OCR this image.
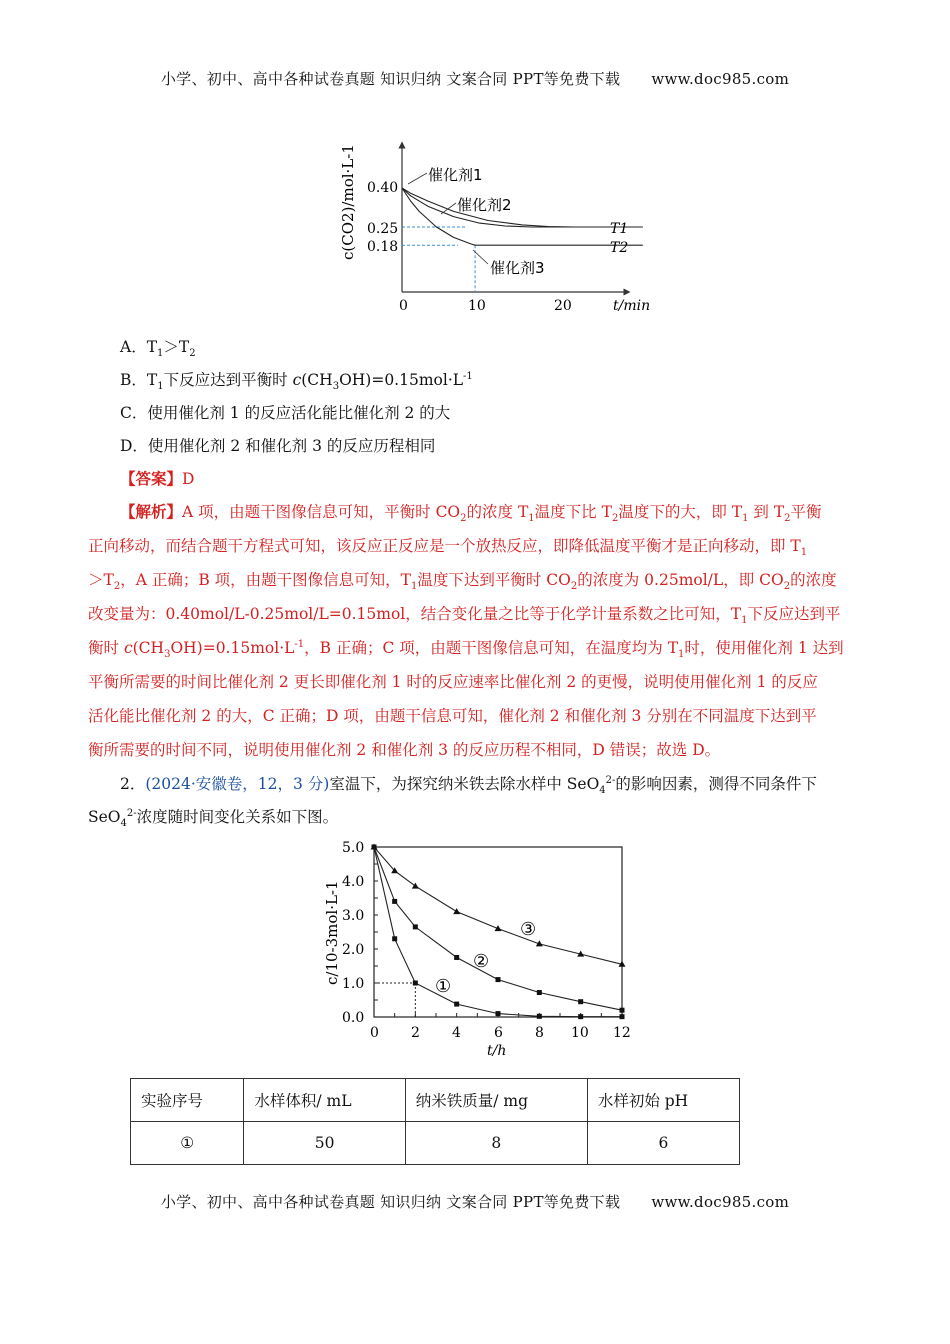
小学、初中、高中各种试卷真题 知识归纳 文案合同 PPT等免费下载 www.doc985.com
c(CO2)/mol·L-1 0.40
0.25
0.18
0	10	20	t/min
催化剂1
催化剂2
催化剂3
T1
T2
A．$T_1>T_2$
B．$T_1$下反应达到平衡时 $c(CH_3OH)=0.15mol\cdot L^{-1}$
C．使用催化剂 1 的反应活化能比催化剂 2 的大
D．使用催化剂 2 和催化剂 3 的反应历程相同
【答案】D
【解析】A 项，由题干图像信息可知，平衡时 $CO_2$的浓度 $T_1$温度下比 $T_2$温度下的大，即 $T_1$ 到 $T_2$平衡
正向移动，而结合题干方程式可知，该反应正反应是一个放热反应，即降低温度平衡才是正向移动，即 $T_1$
$>T_2$，A 正确；B 项，由题干图像信息可知，$T_1$温度下达到平衡时 $CO_2$的浓度为 0.25mol/L，即 $CO_2$的浓度
改变量为：0.40mol/L-0.25mol/L=0.15mol，结合变化量之比等于化学计量系数之比可知，$T_1$下反应达到平
衡时 $c(CH_3OH)=0.15mol\cdot L^{-1}$，B 正确；C 项，由题干图像信息可知，在温度均为 $T_1$时，使用催化剂 1 达到
平衡所需要的时间比催化剂 2 更长即催化剂 1 时的反应速率比催化剂 2 的更慢，说明使用催化剂 1 的反应
活化能比催化剂 2 的大，C 正确；D 项，由题干信息可知，催化剂 2 和催化剂 3 分别在不同温度下达到平
衡所需要的时间不同，说明使用催化剂 2 和催化剂 3 的反应历程不相同，D 错误；故选 D。
2．(2024·安徽卷，12，3 分)室温下，为探究纳米铁去除水样中 SeO$_4^{2-}$的影响因素，测得不同条件下
SeO$_4^{2-}$浓度随时间变化关系如下图。
c/10-3mol·L-1
5.0
4.0
3.0
2.0
1.0
0.0
0 2 4 6 8 10 12
t/h
①
②
③
实验序号	水样体积/ mL	纳米铁质量/ mg	水样初始 pH
①	50	8	6
小学、初中、高中各种试卷真题 知识归纳 文案合同 PPT等免费下载 www.doc985.com
